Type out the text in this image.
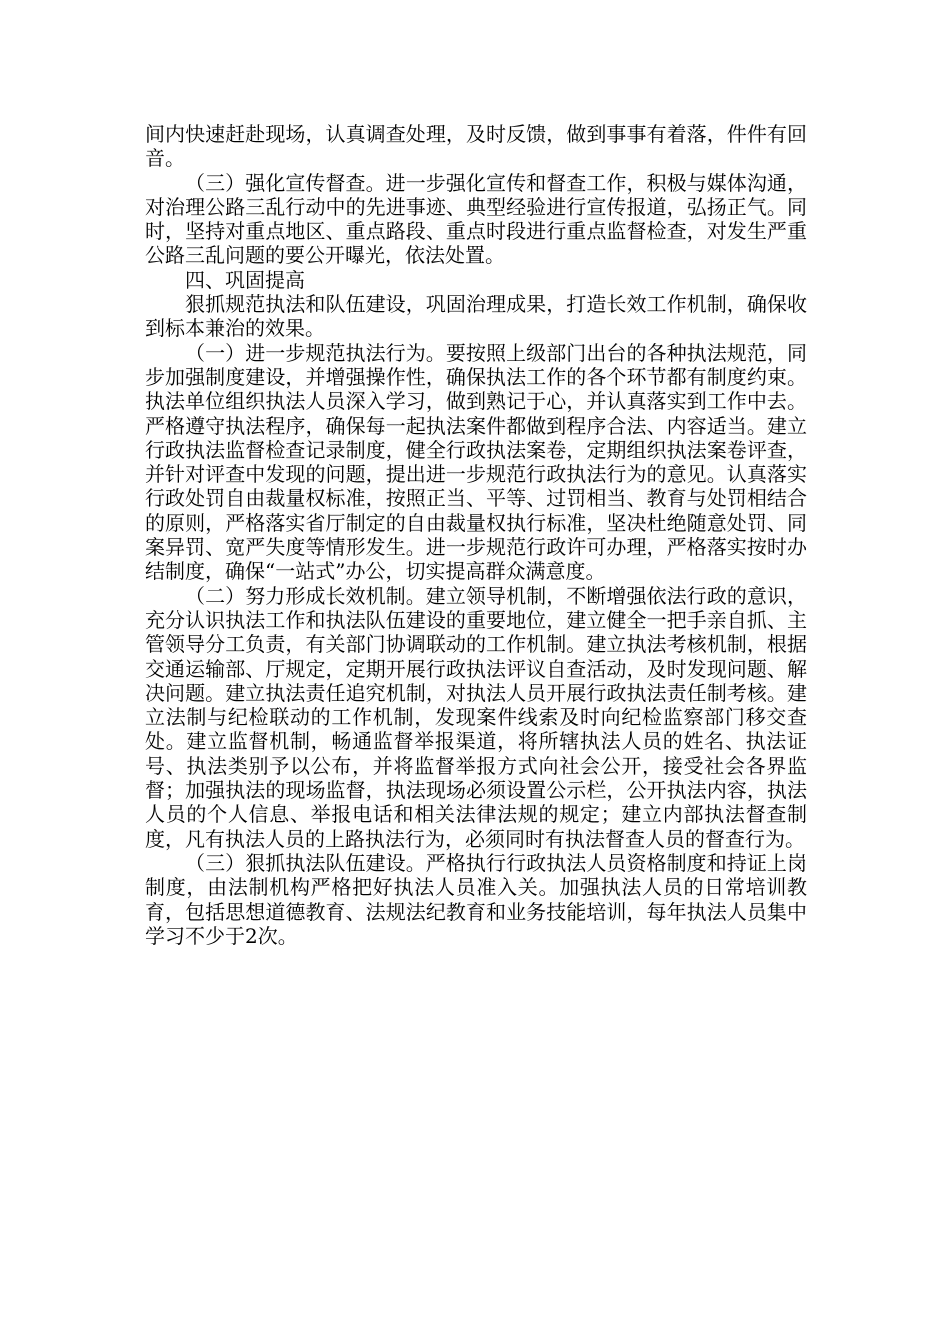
间内快速赶赴现场，认真调查处理，及时反馈，做到事事有着落，件件有回音。

（三）强化宣传督查。进一步强化宣传和督查工作，积极与媒体沟通，对治理公路三乱行动中的先进事迹、典型经验进行宣传报道，弘扬正气。同时，坚持对重点地区、重点路段、重点时段进行重点监督检查，对发生严重公路三乱问题的要公开曝光，依法处置。

四、巩固提高

狠抓规范执法和队伍建设，巩固治理成果，打造长效工作机制，确保收到标本兼治的效果。

（一）进一步规范执法行为。要按照上级部门出台的各种执法规范，同步加强制度建设，并增强操作性，确保执法工作的各个环节都有制度约束。执法单位组织执法人员深入学习，做到熟记于心，并认真落实到工作中去。严格遵守执法程序，确保每一起执法案件都做到程序合法、内容适当。建立行政执法监督检查记录制度，健全行政执法案卷，定期组织执法案卷评查，并针对评查中发现的问题，提出进一步规范行政执法行为的意见。认真落实行政处罚自由裁量权标准，按照正当、平等、过罚相当、教育与处罚相结合的原则，严格落实省厅制定的自由裁量权执行标准，坚决杜绝随意处罚、同案异罚、宽严失度等情形发生。进一步规范行政许可办理，严格落实按时办结制度，确保“一站式”办公，切实提高群众满意度。

（二）努力形成长效机制。建立领导机制，不断增强依法行政的意识，充分认识执法工作和执法队伍建设的重要地位，建立健全一把手亲自抓、主管领导分工负责，有关部门协调联动的工作机制。建立执法考核机制，根据交通运输部、厅规定，定期开展行政执法评议自查活动，及时发现问题、解决问题。建立执法责任追究机制，对执法人员开展行政执法责任制考核。建立法制与纪检联动的工作机制，发现案件线索及时向纪检监察部门移交查处。建立监督机制，畅通监督举报渠道，将所辖执法人员的姓名、执法证号、执法类别予以公布，并将监督举报方式向社会公开，接受社会各界监督；加强执法的现场监督，执法现场必须设置公示栏，公开执法内容，执法人员的个人信息、举报电话和相关法律法规的规定；建立内部执法督查制度，凡有执法人员的上路执法行为，必须同时有执法督查人员的督查行为。

（三）狠抓执法队伍建设。严格执行行政执法人员资格制度和持证上岗制度，由法制机构严格把好执法人员准入关。加强执法人员的日常培训教育，包括思想道德教育、法规法纪教育和业务技能培训，每年执法人员集中学习不少于2次。
